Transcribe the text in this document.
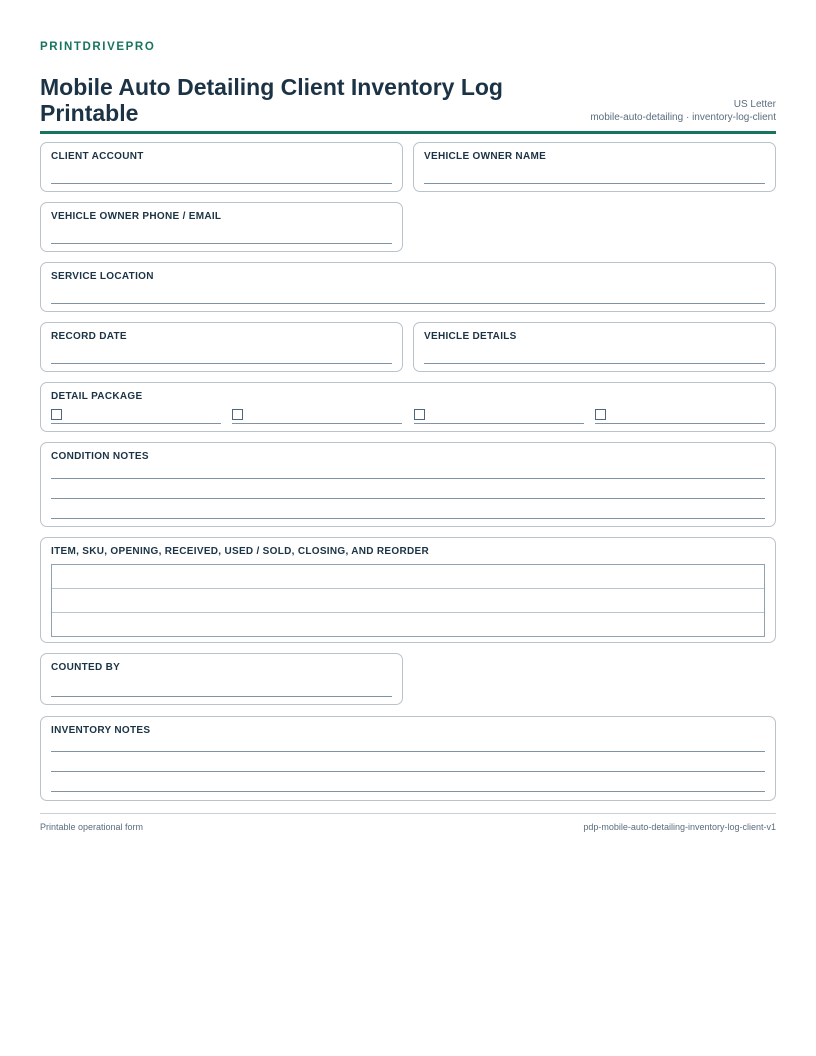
PRINTDRIVEPRO
Mobile Auto Detailing Client Inventory Log Printable	US Letter
mobile-auto-detailing · inventory-log-client
CLIENT ACCOUNT	VEHICLE OWNER NAME
VEHICLE OWNER PHONE / EMAIL
SERVICE LOCATION
RECORD DATE	VEHICLE DETAILS
DETAIL PACKAGE
CONDITION NOTES
ITEM, SKU, OPENING, RECEIVED, USED / SOLD, CLOSING, AND REORDER
COUNTED BY
INVENTORY NOTES
Printable operational form	pdp-mobile-auto-detailing-inventory-log-client-v1
